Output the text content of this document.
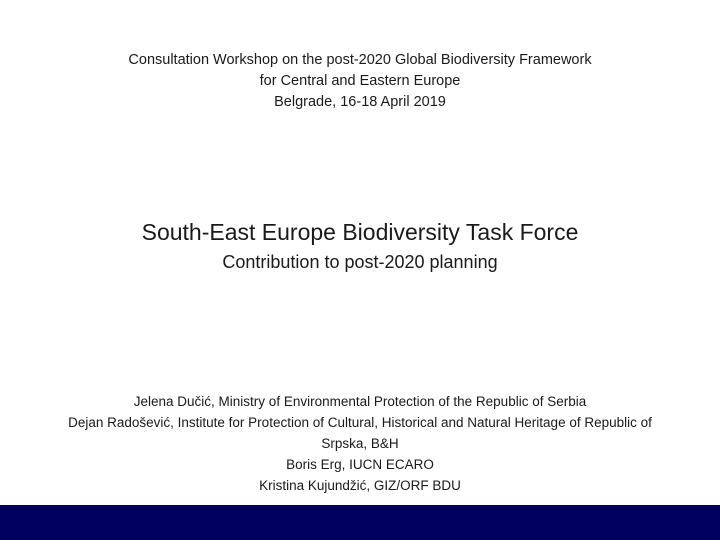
Consultation Workshop on the post-2020 Global Biodiversity Framework
for Central and Eastern Europe
Belgrade, 16-18 April 2019
South-East Europe Biodiversity Task Force
Contribution to post-2020 planning
Jelena Dučić, Ministry of Environmental Protection of the Republic of Serbia
Dejan Radošević, Institute for Protection of Cultural, Historical and Natural Heritage of Republic of
Srpska, B&H
Boris Erg, IUCN ECARO
Kristina Kujundžić, GIZ/ORF BDU
